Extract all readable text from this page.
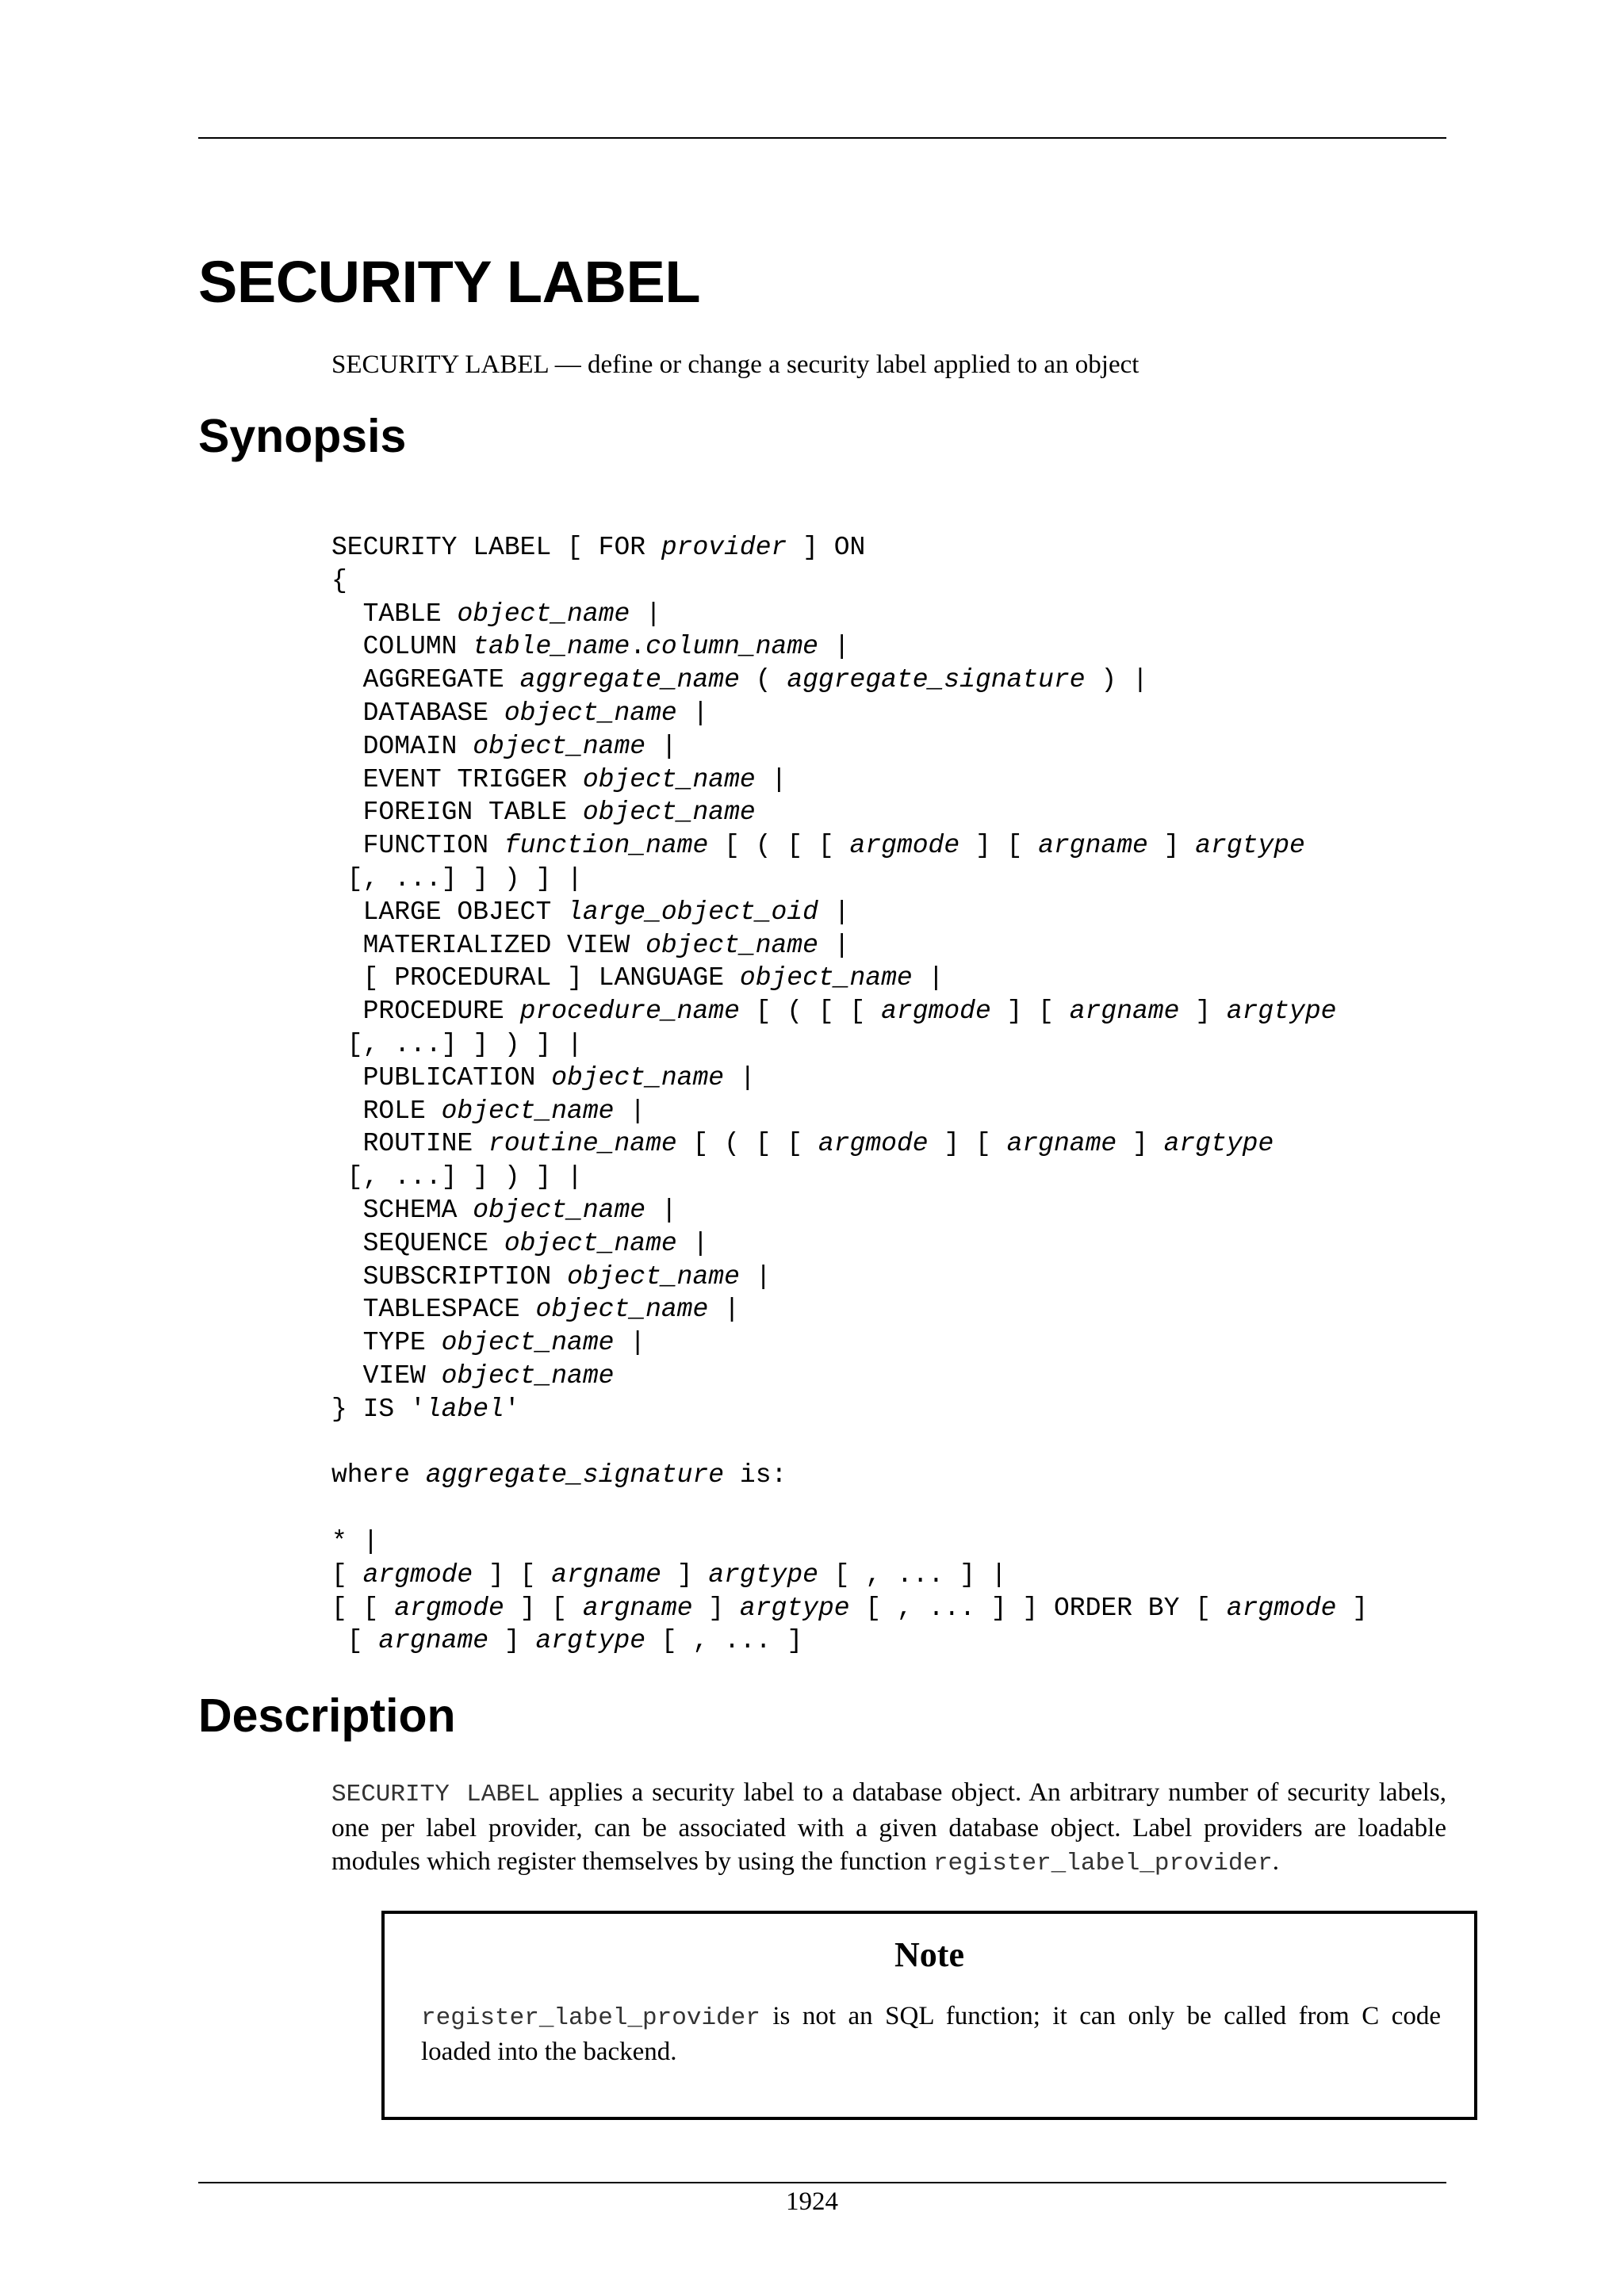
SECURITY LABEL

SECURITY LABEL — define or change a security label applied to an object

Synopsis
SECURITY LABEL [ FOR provider ] ON
{
TABLE object_name |
COLUMN table_name.column_name |
AGGREGATE aggregate_name ( aggregate_signature ) |
DATABASE object_name |
DOMAIN object_name |
EVENT TRIGGER object_name |
FOREIGN TABLE object_name
FUNCTION function_name [ ( [ [ argmode ] [ argname ] argtype
[, ...] ] ) ] |
LARGE OBJECT large_object_oid |
MATERIALIZED VIEW object_name |
[ PROCEDURAL ] LANGUAGE object_name |
PROCEDURE procedure_name [ ( [ [ argmode ] [ argname ] argtype
[, ...] ] ) ] |
PUBLICATION object_name |
ROLE object_name |
ROUTINE routine_name [ ( [ [ argmode ] [ argname ] argtype
[, ...] ] ) ] |
SCHEMA object_name |
SEQUENCE object_name |
SUBSCRIPTION object_name |
TABLESPACE object_name |
TYPE object_name |
VIEW object_name
} IS 'label'

where aggregate_signature is:

* |
[ argmode ] [ argname ] argtype [ , ... ] |
[ [ argmode ] [ argname ] argtype [ , ... ] ] ORDER BY [ argmode ]
[ argname ] argtype [ , ... ]
Description

SECURITY LABEL applies a security label to a database object. An arbitrary number of security labels, one per label provider, can be associated with a given database object. Label providers are loadable modules which register themselves by using the function register_label_provider.

Note

register_label_provider is not an SQL function; it can only be called from C code loaded into the backend.

1924
